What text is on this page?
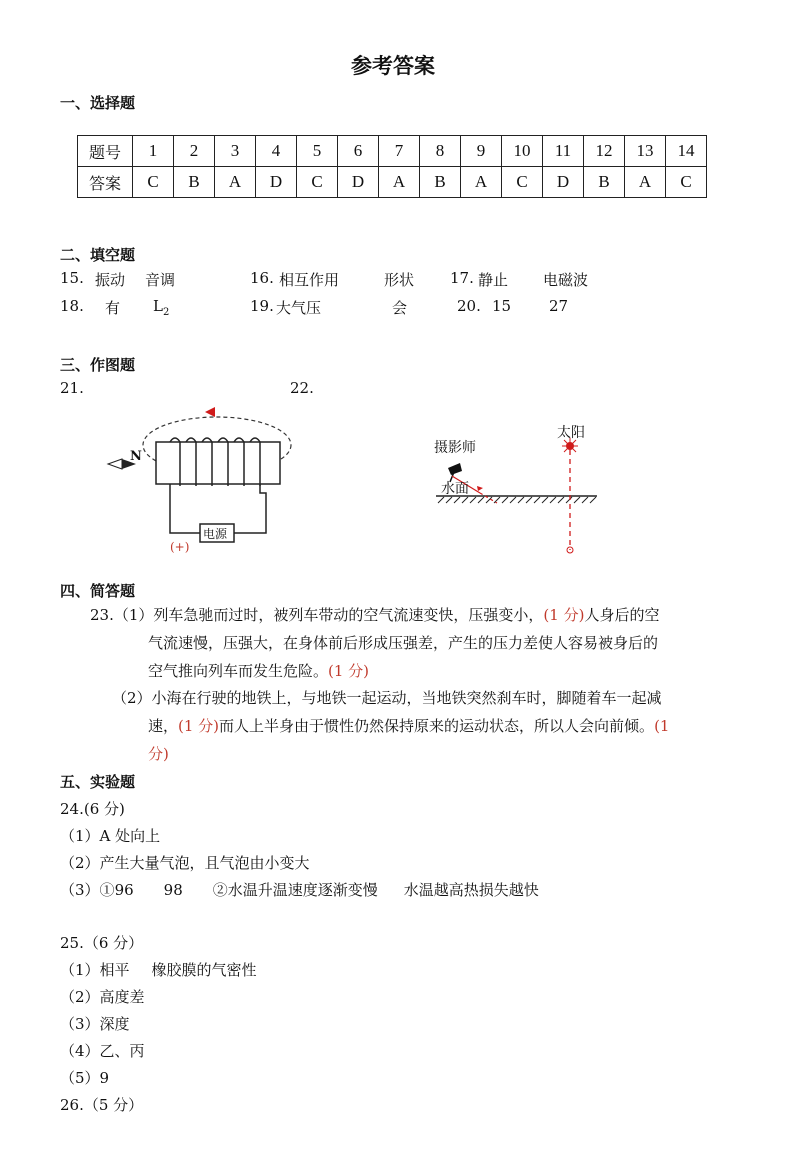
参考答案
一、选择题
题号	1	2	3	4	5	6	7	8	9	10	11	12	13	14
答案	C	B	A	D	C	D	A	B	A	C	D	B	A	C
二、填空题
15. 振动 音调	16. 相互作用	形状 17. 静止 电磁波
18. 有 $L_2$	19. 大气压	会	20. 15	27
三、作图题
21.	22.
N
电源
(+)
摄影师
太阳
水面
四、简答题
23.（1）列车急驰而过时，被列车带动的空气流速变快，压强变小，(1 分)人身后的空
气流速慢，压强大，在身体前后形成压强差，产生的压力差使人容易被身后的
空气推向列车而发生危险。(1 分)
（2）小海在行驶的地铁上，与地铁一起运动，当地铁突然刹车时，脚随着车一起减
速，(1 分)而人上半身由于惯性仍然保持原来的运动状态，所以人会向前倾。(1
分)
五、实验题
24.(6 分)
（1）A 处向上
（2）产生大量气泡，且气泡由小变大
（3）①96 98 ②水温升温速度逐渐变慢 水温越高热损失越快
25.（6 分）
（1）相平 橡胶膜的气密性
（2）高度差
（3）深度
（4）乙、丙
（5）9
26.（5 分）
